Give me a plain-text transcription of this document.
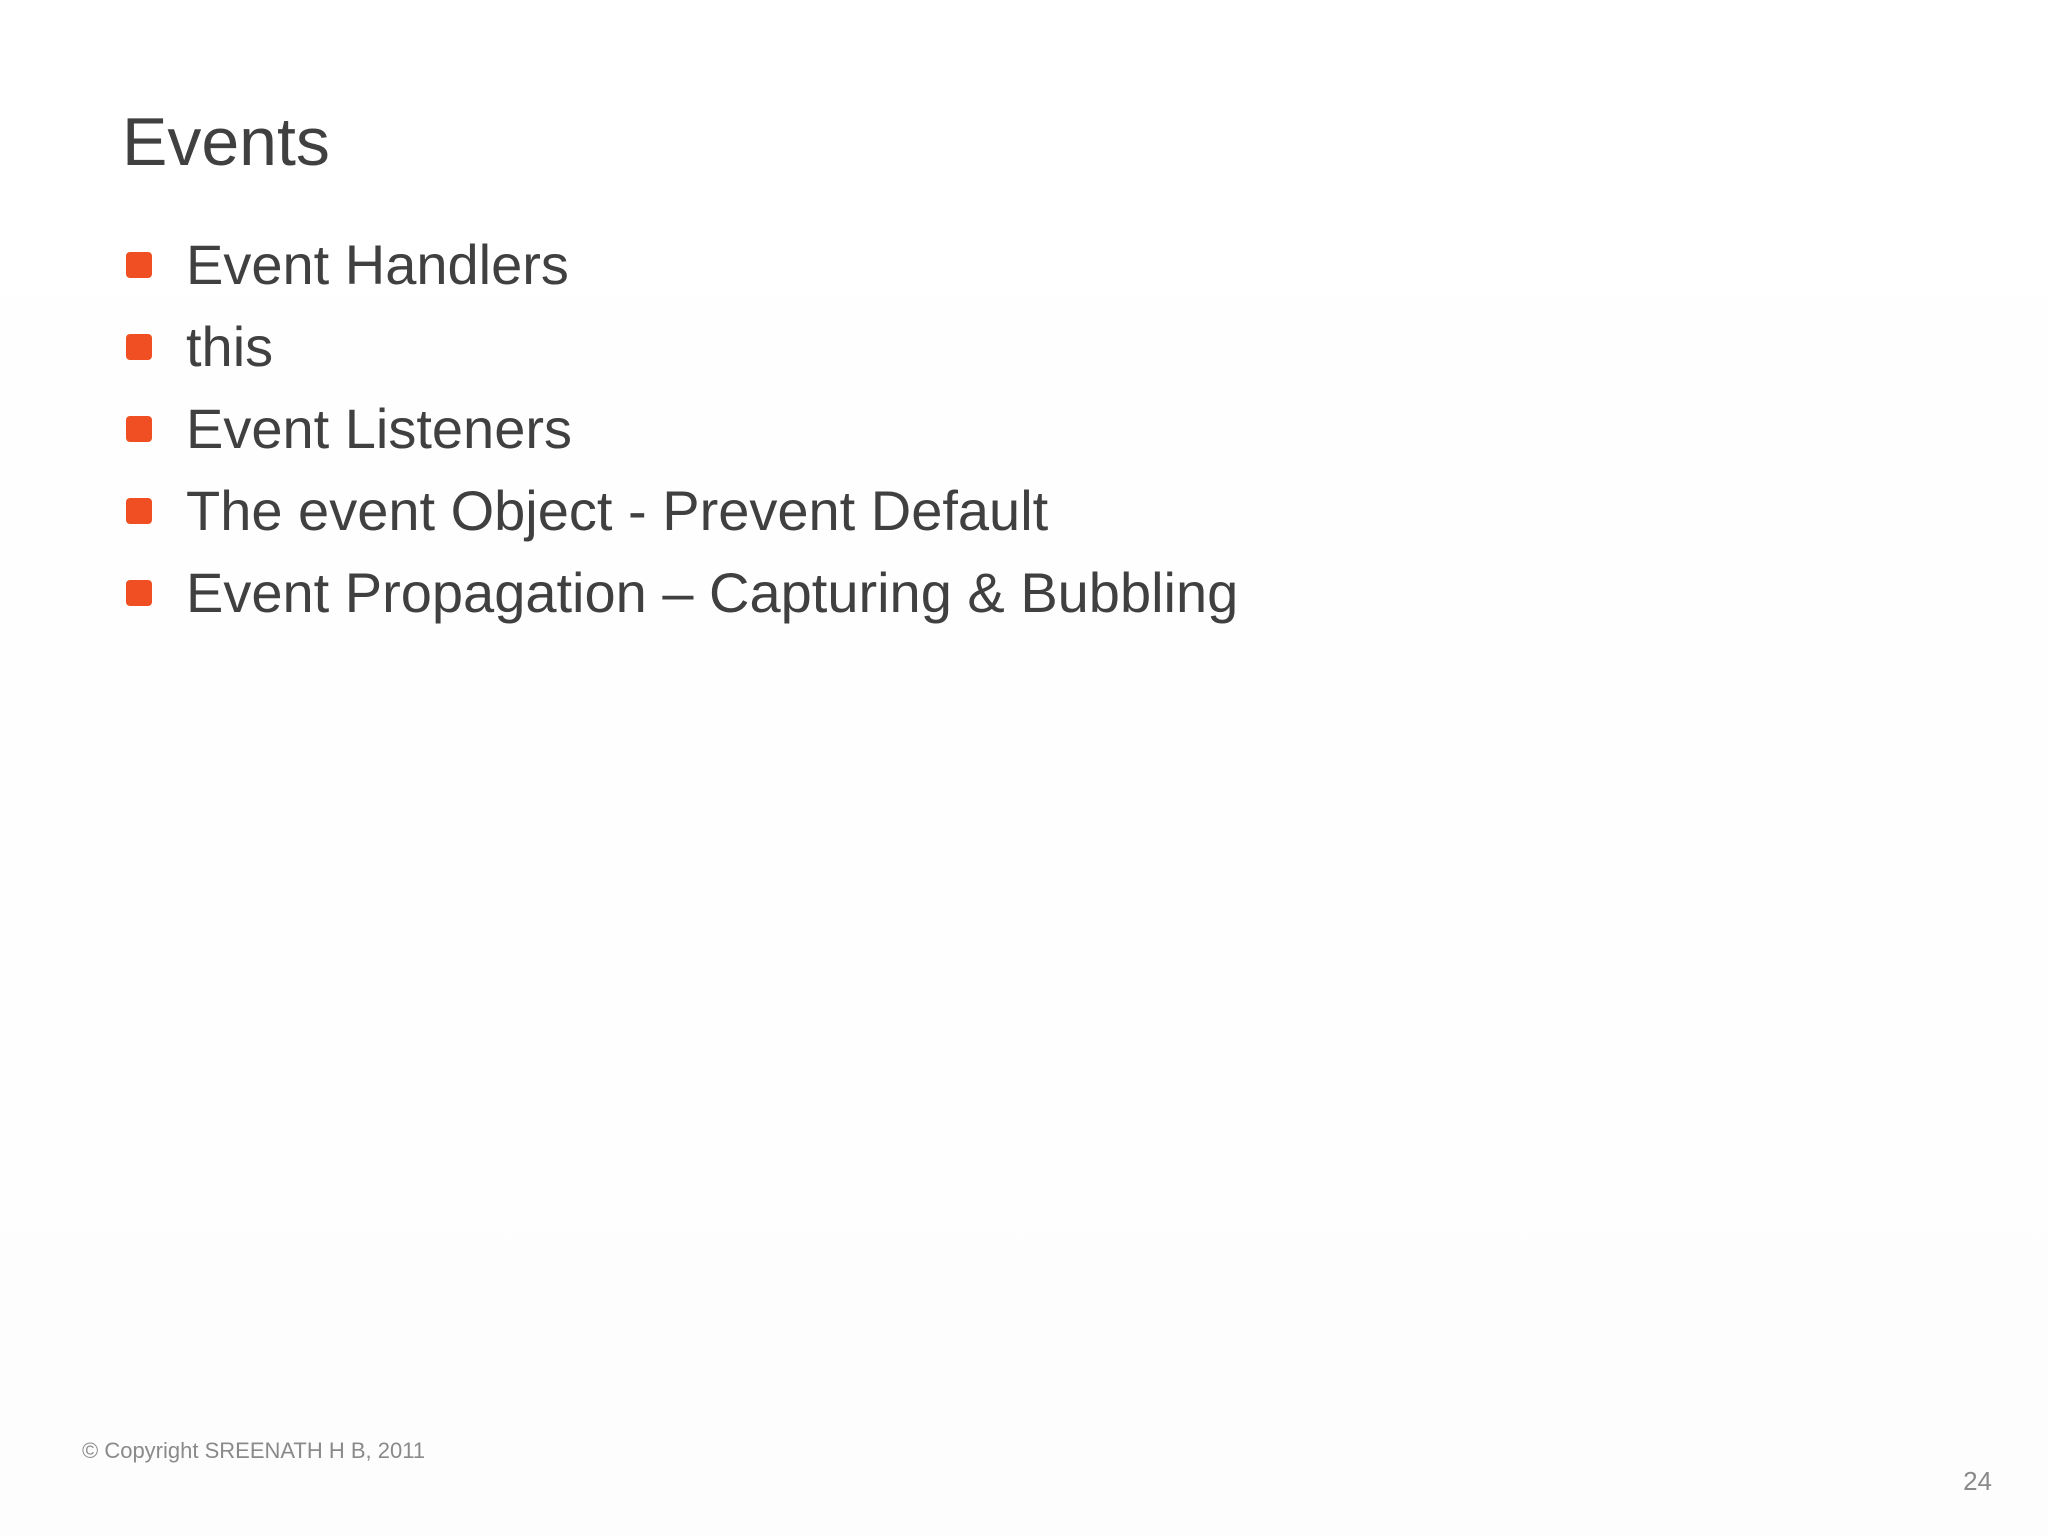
Events
Event Handlers
this
Event Listeners
The event Object - Prevent Default
Event Propagation – Capturing & Bubbling
© Copyright SREENATH H B, 2011
24
